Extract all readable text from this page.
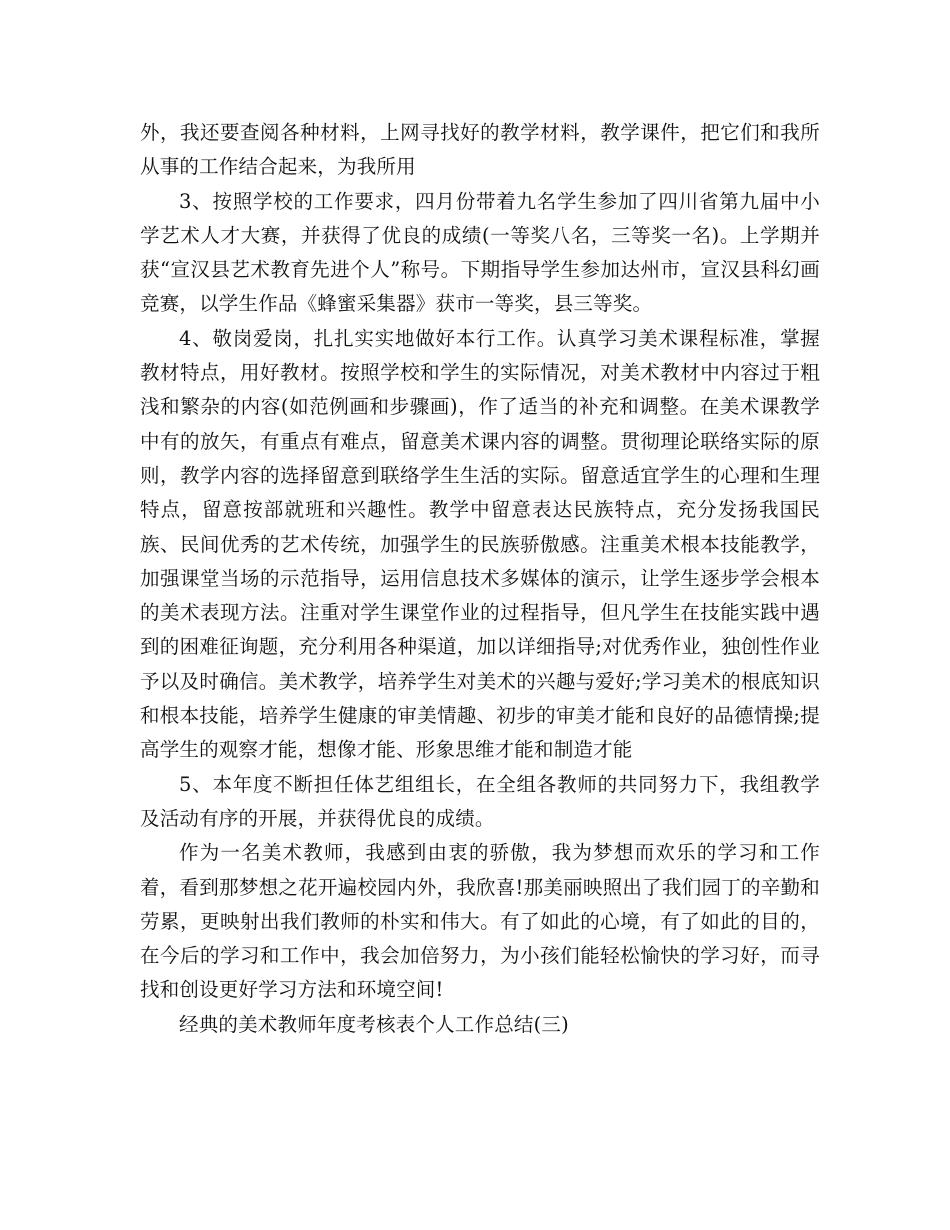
外，我还要查阅各种材料，上网寻找好的教学材料，教学课件，把它们和我所从事的工作结合起来，为我所用

3、按照学校的工作要求，四月份带着九名学生参加了四川省第九届中小学艺术人才大赛，并获得了优良的成绩(一等奖八名，三等奖一名)。上学期并获“宣汉县艺术教育先进个人”称号。下期指导学生参加达州市，宣汉县科幻画竞赛，以学生作品《蜂蜜采集器》获市一等奖，县三等奖。

4、敬岗爱岗，扎扎实实地做好本行工作。认真学习美术课程标准，掌握教材特点，用好教材。按照学校和学生的实际情况，对美术教材中内容过于粗浅和繁杂的内容(如范例画和步骤画)，作了适当的补充和调整。在美术课教学中有的放矢，有重点有难点，留意美术课内容的调整。贯彻理论联络实际的原则，教学内容的选择留意到联络学生生活的实际。留意适宜学生的心理和生理特点，留意按部就班和兴趣性。教学中留意表达民族特点，充分发扬我国民族、民间优秀的艺术传统，加强学生的民族骄傲感。注重美术根本技能教学，加强课堂当场的示范指导，运用信息技术多媒体的演示，让学生逐步学会根本的美术表现方法。注重对学生课堂作业的过程指导，但凡学生在技能实践中遇到的困难征询题，充分利用各种渠道，加以详细指导;对优秀作业，独创性作业予以及时确信。美术教学，培养学生对美术的兴趣与爱好;学习美术的根底知识和根本技能，培养学生健康的审美情趣、初步的审美才能和良好的品德情操;提高学生的观察才能，想像才能、形象思维才能和制造才能

5、本年度不断担任体艺组组长，在全组各教师的共同努力下，我组教学及活动有序的开展，并获得优良的成绩。

作为一名美术教师，我感到由衷的骄傲，我为梦想而欢乐的学习和工作着，看到那梦想之花开遍校园内外，我欣喜!那美丽映照出了我们园丁的辛勤和劳累，更映射出我们教师的朴实和伟大。有了如此的心境，有了如此的目的，在今后的学习和工作中，我会加倍努力，为小孩们能轻松愉快的学习好，而寻找和创设更好学习方法和环境空间!

经典的美术教师年度考核表个人工作总结(三)
